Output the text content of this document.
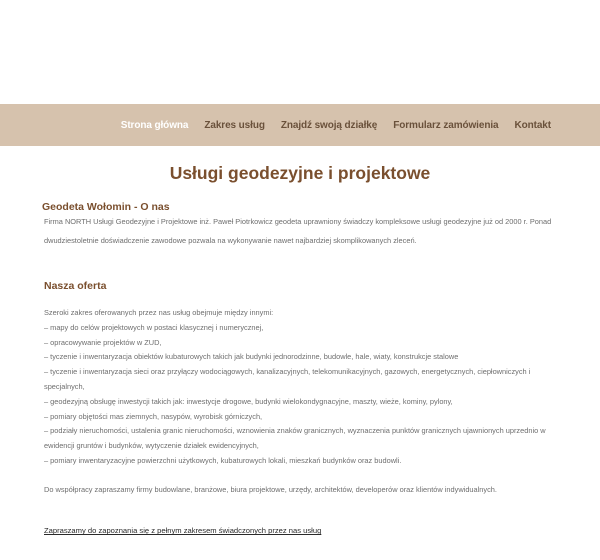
Strona główna Zakres usług Znajdź swoją działkę Formularz zamówienia Kontakt
Usługi geodezyjne i projektowe
Geodeta Wołomin - O nas

Firma NORTH Usługi Geodezyjne i Projektowe inż. Paweł Piotrkowicz geodeta uprawniony świadczy kompleksowe usługi geodezyjne już od 2000 r. Ponad dwudziestoletnie doświadczenie zawodowe pozwala na wykonywanie nawet najbardziej skomplikowanych zleceń.

Nasza oferta
Szeroki zakres oferowanych przez nas usług obejmuje między innymi:
– mapy do celów projektowych w postaci klasycznej i numerycznej,
– opracowywanie projektów w ZUD,
– tyczenie i inwentaryzacja obiektów kubaturowych takich jak budynki jednorodzinne, budowle, hale, wiaty, konstrukcje stalowe
– tyczenie i inwentaryzacja sieci oraz przyłączy wodociągowych, kanalizacyjnych, telekomunikacyjnych, gazowych, energetycznych, ciepłowniczych i specjalnych,
– geodezyjną obsługę inwestycji takich jak: inwestycje drogowe, budynki wielokondygnacyjne, maszty, wieże, kominy, pylony,
– pomiary objętości mas ziemnych, nasypów, wyrobisk górniczych,
– podziały nieruchomości, ustalenia granic nieruchomości, wznowienia znaków granicznych, wyznaczenia punktów granicznych ujawnionych uprzednio w ewidencji gruntów i budynków, wytyczenie działek ewidencyjnych,
– pomiary inwentaryzacyjne powierzchni użytkowych, kubaturowych lokali, mieszkań budynków oraz budowli.

Do współpracy zapraszamy firmy budowlane, branżowe, biura projektowe, urzędy, architektów, developerów oraz klientów indywidualnych.

Zapraszamy do zapoznania się z pełnym zakresem świadczonych przez nas usług
